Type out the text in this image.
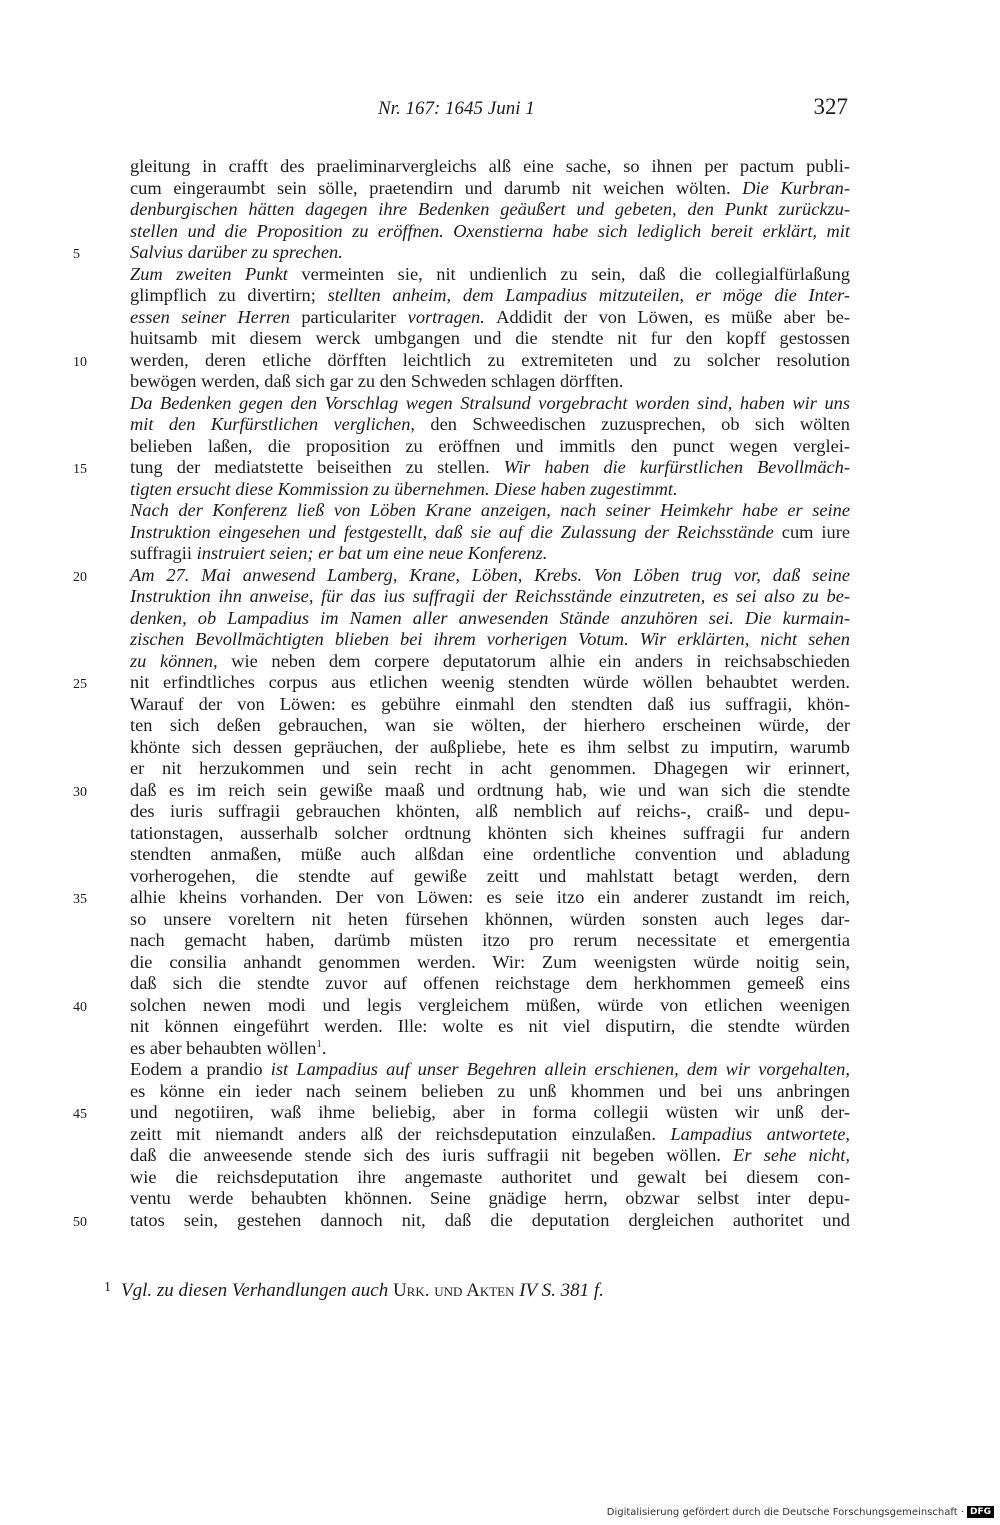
Nr. 167: 1645 Juni 1	327
5
10
15
20
25
30
35
40
45
50
gleitung in crafft des praeliminarvergleichs alß eine sache, so ihnen per pactum publi-
cum eingeraumbt sein sölle, praetendirn und darumb nit weichen wölten. Die Kurbran-
denburgischen hätten dagegen ihre Bedenken geäußert und gebeten, den Punkt zurückzu-
stellen und die Proposition zu eröffnen. Oxenstierna habe sich lediglich bereit erklärt, mit
Salvius darüber zu sprechen.
Zum zweiten Punkt vermeinten sie, nit undienlich zu sein, daß die collegialfürlaßung
glimpflich zu divertirn; stellten anheim, dem Lampadius mitzuteilen, er möge die Inter-
essen seiner Herren particulariter vortragen. Addidit der von Löwen, es müße aber be-
huitsamb mit diesem werck umbgangen und die stendte nit fur den kopff gestossen
werden, deren etliche dörfften leichtlich zu extremiteten und zu solcher resolution
bewögen werden, daß sich gar zu den Schweden schlagen dörfften.
Da Bedenken gegen den Vorschlag wegen Stralsund vorgebracht worden sind, haben wir uns
mit den Kurfürstlichen verglichen, den Schweedischen zuzusprechen, ob sich wölten
belieben laßen, die proposition zu eröffnen und immitls den punct wegen vergleі-
tung der mediatstette beiseithen zu stellen. Wir haben die kurfürstlichen Bevollmäch-
tigten ersucht diese Kommission zu übernehmen. Diese haben zugestimmt.
Nach der Konferenz ließ von Löben Krane anzeigen, nach seiner Heimkehr habe er seine
Instruktion eingesehen und festgestellt, daß sie auf die Zulassung der Reichsstände cum iure
suffragii instruiert seien; er bat um eine neue Konferenz.
Am 27. Mai anwesend Lamberg, Krane, Löben, Krebs. Von Löben trug vor, daß seine
Instruktion ihn anweise, für das ius suffragii der Reichsstände einzutreten, es sei also zu be-
denken, ob Lampadius im Namen aller anwesenden Stände anzuhören sei. Die kurmain-
zischen Bevollmächtigten blieben bei ihrem vorherigen Votum. Wir erklärten, nicht sehen
zu können, wie neben dem corpere deputatorum alhie ein anders in reichsabschieden
nit erfindtliches corpus aus etlichen weenig stendten würde wöllen behaubtet werden.
Warauf der von Löwen: es gebühre einmahl den stendten daß ius suffragii, khön-
ten sich deßen gebrauchen, wan sie wölten, der hierhero erscheinen würde, der
khönte sich dessen gepräuchen, der außpliebe, hete es ihm selbst zu imputirn, warumb
er nit herzukommen und sein recht in acht genommen. Dhagegen wir erinnert,
daß es im reich sein gewiße maaß und ordtnung hab, wie und wan sich die stendte
des iuris suffragii gebrauchen khönten, alß nemblich auf reichs-, craiß- und depu-
tationstagen, ausserhalb solcher ordtnung khönten sich kheines suffragii fur andern
stendten anmaßen, müße auch alßdan eine ordentliche convention und abladung
vorherogehen, die stendte auf gewiße zeitt und mahlstatt betagt werden, dern
alhie kheins vorhanden. Der von Löwen: es seie itzo ein anderer zustandt im reich,
so unsere voreltern nit heten fürsehen khönnen, würden sonsten auch leges dar-
nach gemacht haben, darümb müsten itzo pro rerum necessitate et emergentia
die consilia anhandt genommen werden. Wir: Zum weenigsten würde noitig sein,
daß sich die stendte zuvor auf offenen reichstage dem herkhommen gemeeß eins
solchen newen modi und legis vergleichem müßen, würde von etlichen weenigen
nit können eingeführt werden. Ille: wolte es nit viel disputirn, die stendte würden
es aber behaubten wöllen$^1$.
Eodem a prandio ist Lampadius auf unser Begehren allein erschienen, dem wir vorgehalten,
es könne ein ieder nach seinem belieben zu unß khommen und bei uns anbringen
und negotiiren, waß ihme beliebig, aber in forma collegii wüsten wir unß der-
zeitt mit niemandt anders alß der reichsdeputation einzulaßen. Lampadius antwortete,
daß die anweesende stende sich des iuris suffragii nit begeben wöllen. Er sehe nicht,
wie die reichsdeputation ihre angemaste authoritet und gewalt bei diesem con-
ventu werde behaubten khönnen. Seine gnädige herrn, obzwar selbst inter depu-
tatos sein, gestehen dannoch nit, daß die deputation dergleichen authoritet und
$^1$ Vgl. zu diesen Verhandlungen auch Urk. und Akten IV S. 381 f.
Digitalisierung gefördert durch die Deutsche Forschungsgemeinschaft · DFG
